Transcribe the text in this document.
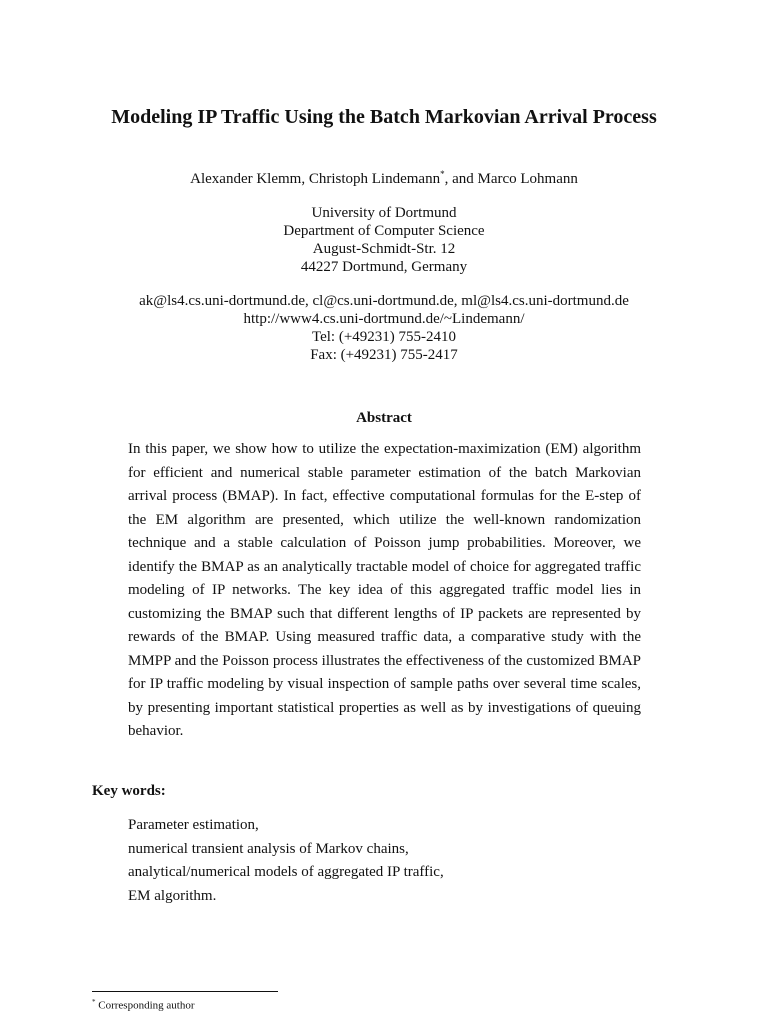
Modeling IP Traffic Using the Batch Markovian Arrival Process
Alexander Klemm, Christoph Lindemann*, and Marco Lohmann
University of Dortmund
Department of Computer Science
August-Schmidt-Str. 12
44227 Dortmund, Germany
ak@ls4.cs.uni-dortmund.de, cl@cs.uni-dortmund.de, ml@ls4.cs.uni-dortmund.de
http://www4.cs.uni-dortmund.de/~Lindemann/
Tel: (+49231) 755-2410
Fax: (+49231) 755-2417
Abstract

In this paper, we show how to utilize the expectation-maximization (EM) algorithm for efficient and numerical stable parameter estimation of the batch Markovian arrival process (BMAP). In fact, effective computational formulas for the E-step of the EM algorithm are presented, which utilize the well-known randomization technique and a stable calculation of Poisson jump probabilities. Moreover, we identify the BMAP as an analytically tractable model of choice for aggregated traffic modeling of IP networks. The key idea of this aggregated traffic model lies in customizing the BMAP such that different lengths of IP packets are represented by rewards of the BMAP. Using measured traffic data, a comparative study with the MMPP and the Poisson process illustrates the effectiveness of the customized BMAP for IP traffic modeling by visual inspection of sample paths over several time scales, by presenting important statistical properties as well as by investigations of queuing behavior.

Key words:
Parameter estimation,
numerical transient analysis of Markov chains,
analytical/numerical models of aggregated IP traffic,
EM algorithm.
* Corresponding author
